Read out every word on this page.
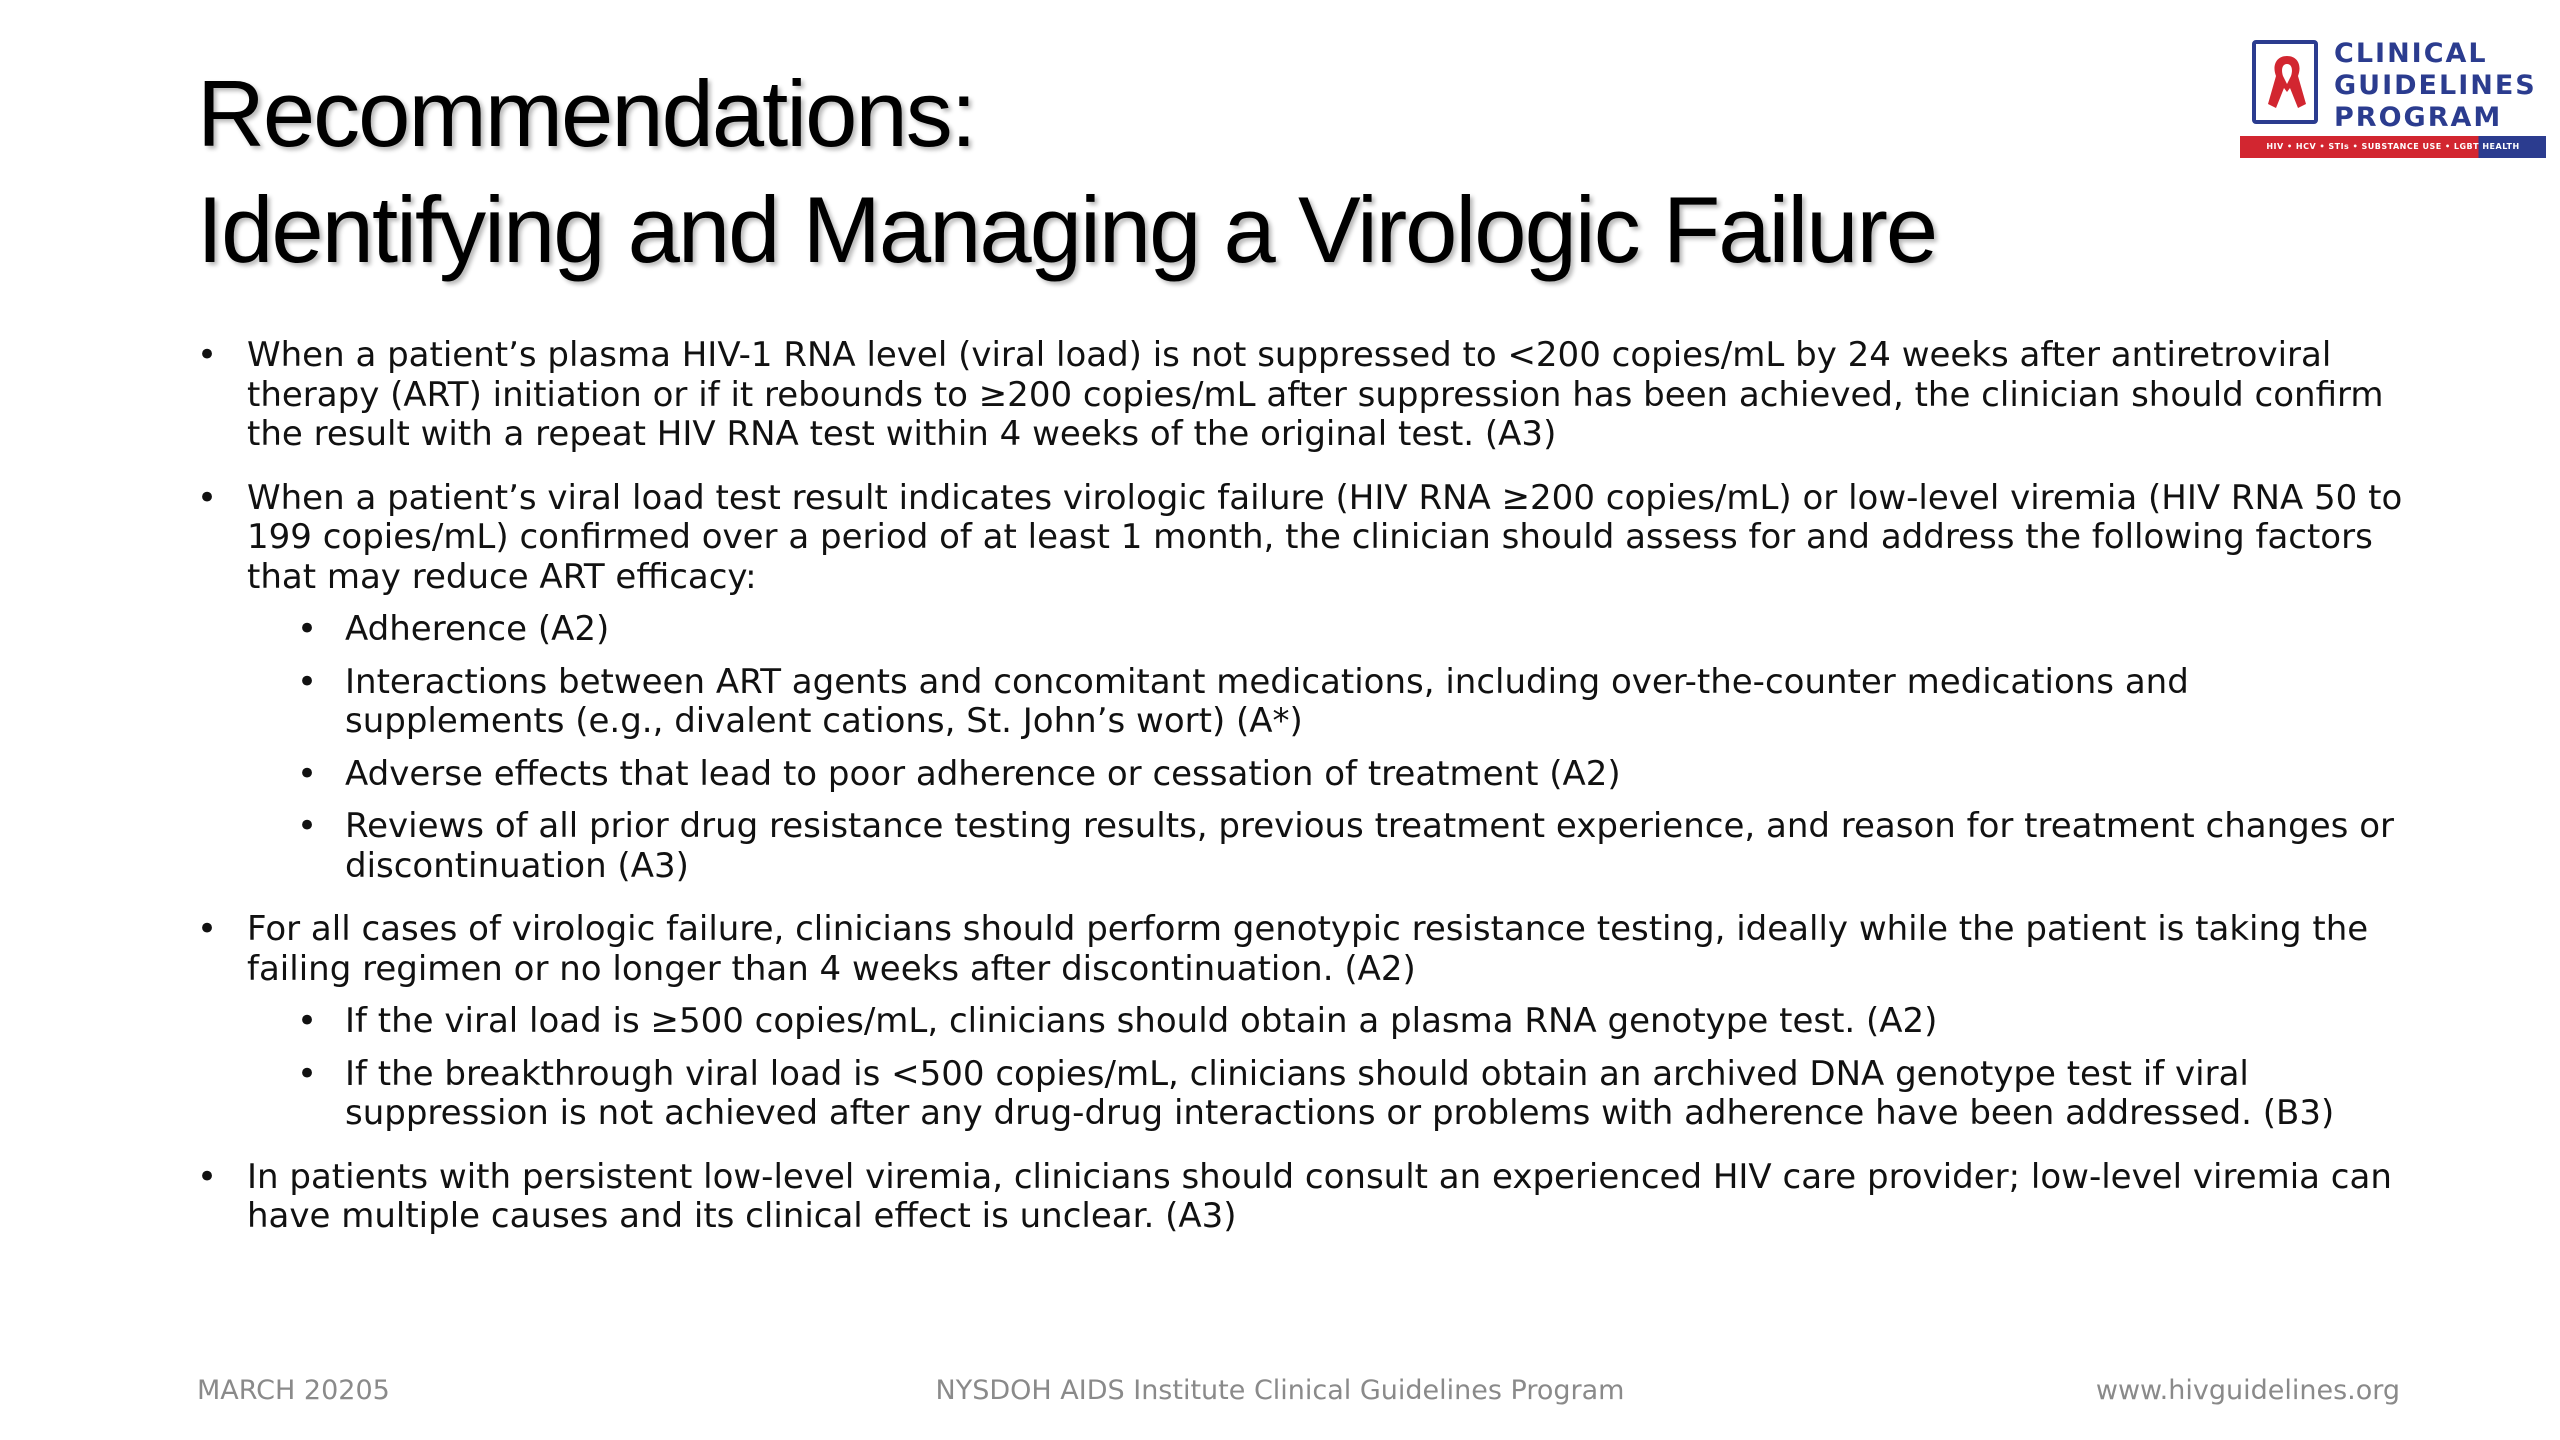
Recommendations:
Identifying and Managing a Virologic Failure
CLINICAL
GUIDELINES
PROGRAM
HIV • HCV • STIs • SUBSTANCE USE • LGBT HEALTH
• When a patient’s plasma HIV-1 RNA level (viral load) is not suppressed to <200 copies/mL by 24 weeks after antiretroviral therapy (ART) initiation or if it rebounds to ≥200 copies/mL after suppression has been achieved, the clinician should confirm the result with a repeat HIV RNA test within 4 weeks of the original test. (A3)
• When a patient’s viral load test result indicates virologic failure (HIV RNA ≥200 copies/mL) or low-level viremia (HIV RNA 50 to 199 copies/mL) confirmed over a period of at least 1 month, the clinician should assess for and address the following factors that may reduce ART efficacy:
• Adherence (A2)
• Interactions between ART agents and concomitant medications, including over-the-counter medications and supplements (e.g., divalent cations, St. John’s wort) (A*)
• Adverse effects that lead to poor adherence or cessation of treatment (A2)
• Reviews of all prior drug resistance testing results, previous treatment experience, and reason for treatment changes or discontinuation (A3)
• For all cases of virologic failure, clinicians should perform genotypic resistance testing, ideally while the patient is taking the failing regimen or no longer than 4 weeks after discontinuation. (A2)
• If the viral load is ≥500 copies/mL, clinicians should obtain a plasma RNA genotype test. (A2)
• If the breakthrough viral load is <500 copies/mL, clinicians should obtain an archived DNA genotype test if viral suppression is not achieved after any drug-drug interactions or problems with adherence have been addressed. (B3)
• In patients with persistent low-level viremia, clinicians should consult an experienced HIV care provider; low-level viremia can have multiple causes and its clinical effect is unclear. (A3)
MARCH 20205	NYSDOH AIDS Institute Clinical Guidelines Program	www.hivguidelines.org
